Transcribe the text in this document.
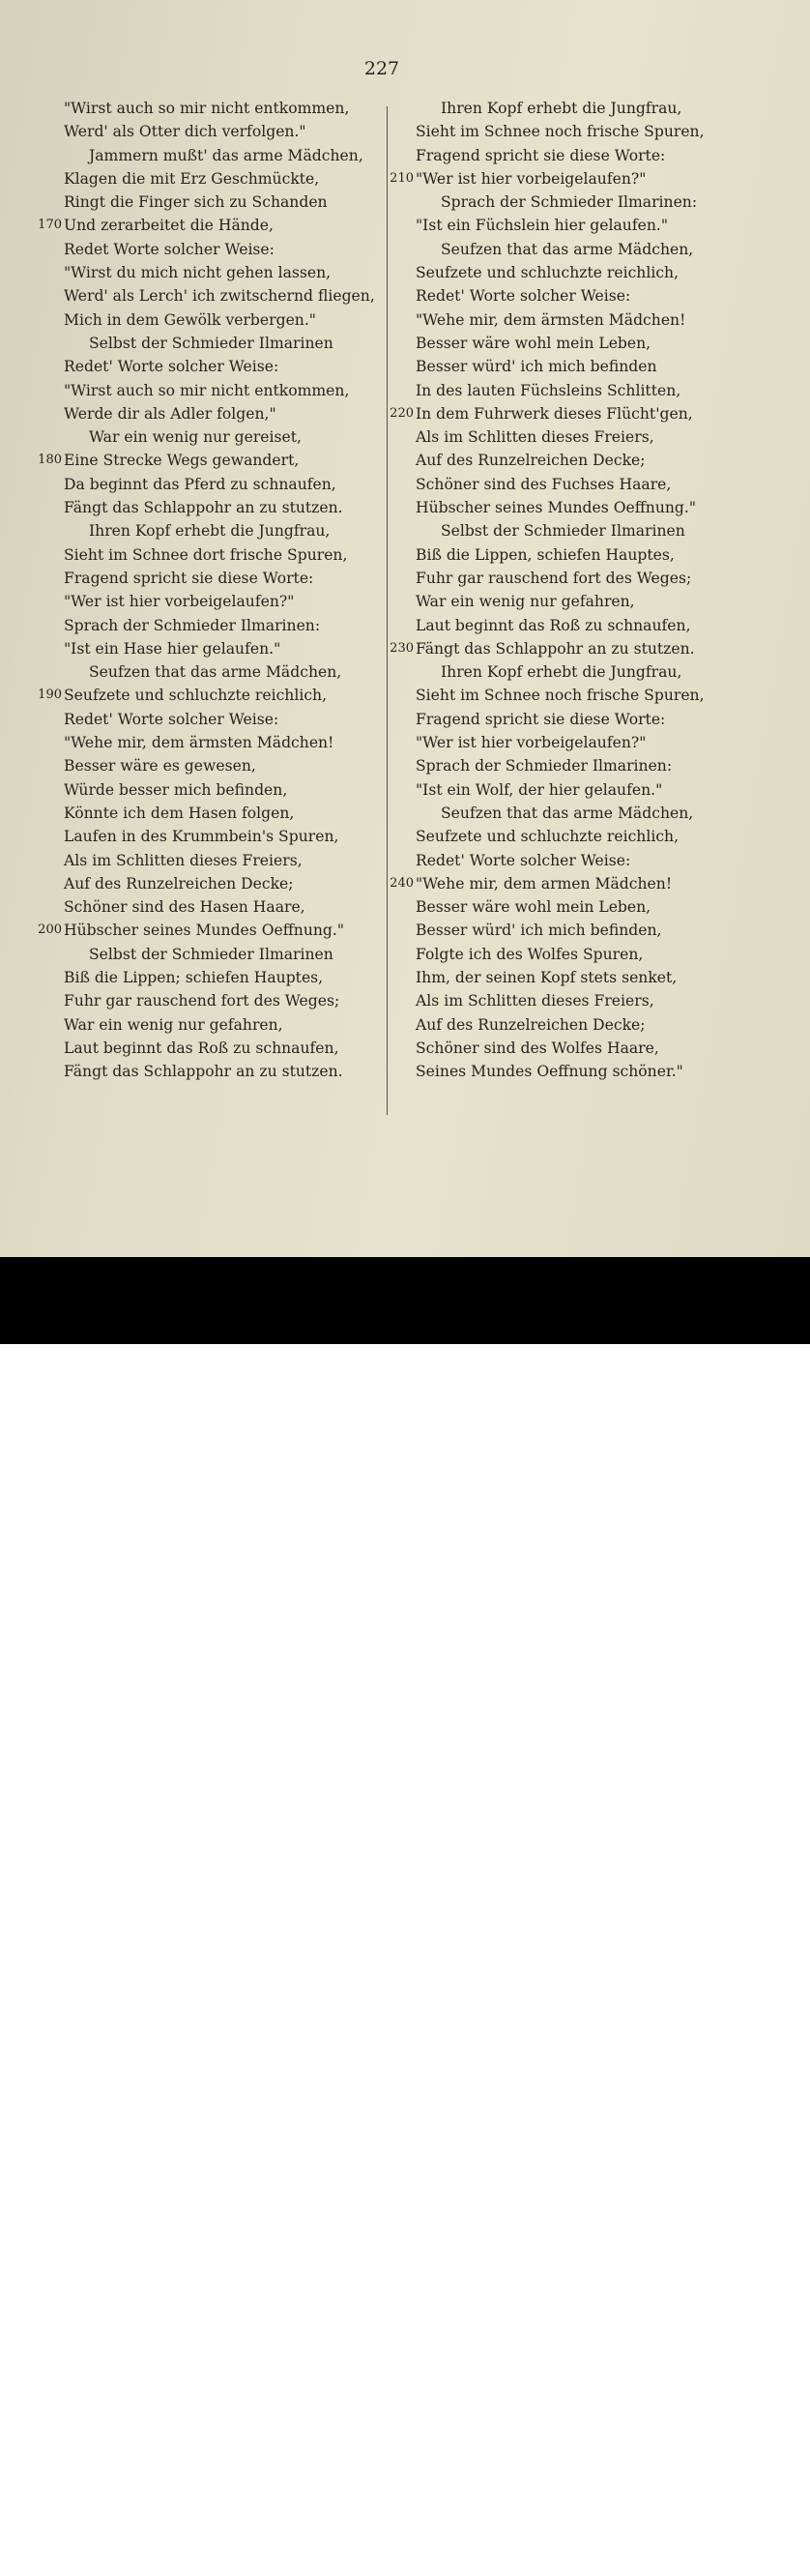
227
"Wirst auch so mir nicht entkommen,
Werd' als Otter dich verfolgen."
Jammern mußt' das arme Mädchen,
Klagen die mit Erz Geschmückte,
Ringt die Finger sich zu Schanden
170 Und zerarbeitet die Hände,
Redet Worte solcher Weise:
"Wirst du mich nicht gehen lassen,
Werd' als Lerch' ich zwitschernd fliegen,
Mich in dem Gewölk verbergen."
Selbst der Schmieder Ilmarinen
Redet' Worte solcher Weise:
"Wirst auch so mir nicht entkommen,
Werde dir als Adler folgen,"
War ein wenig nur gereiset,
180 Eine Strecke Wegs gewandert,
Da beginnt das Pferd zu schnaufen,
Fängt das Schlappohr an zu stutzen.
Ihren Kopf erhebt die Jungfrau,
Sieht im Schnee dort frische Spuren,
Fragend spricht sie diese Worte:
"Wer ist hier vorbeigelaufen?"
Sprach der Schmieder Ilmarinen:
"Ist ein Hase hier gelaufen."
Seufzen that das arme Mädchen,
190 Seufzete und schluchzte reichlich,
Redet' Worte solcher Weise:
"Wehe mir, dem ärmsten Mädchen!
Besser wäre es gewesen,
Würde besser mich befinden,
Könnte ich dem Hasen folgen,
Laufen in des Krummbein's Spuren,
Als im Schlitten dieses Freiers,
Auf des Runzelreichen Decke;
Schöner sind des Hasen Haare,
200 Hübscher seines Mundes Oeffnung."
Selbst der Schmieder Ilmarinen
Biß die Lippen; schiefen Hauptes,
Fuhr gar rauschend fort des Weges;
War ein wenig nur gefahren,
Laut beginnt das Roß zu schnaufen,
Fängt das Schlappohr an zu stutzen.
Ihren Kopf erhebt die Jungfrau,
Sieht im Schnee noch frische Spuren,
Fragend spricht sie diese Worte:
210 "Wer ist hier vorbeigelaufen?"
Sprach der Schmieder Ilmarinen:
"Ist ein Füchslein hier gelaufen."
Seufzen that das arme Mädchen,
Seufzete und schluchzte reichlich,
Redet' Worte solcher Weise:
"Wehe mir, dem ärmsten Mädchen!
Besser wäre wohl mein Leben,
Besser würd' ich mich befinden
In des lauten Füchsleins Schlitten,
220 In dem Fuhrwerk dieses Flücht'gen,
Als im Schlitten dieses Freiers,
Auf des Runzelreichen Decke;
Schöner sind des Fuchses Haare,
Hübscher seines Mundes Oeffnung."
Selbst der Schmieder Ilmarinen
Biß die Lippen, schiefen Hauptes,
Fuhr gar rauschend fort des Weges;
War ein wenig nur gefahren,
Laut beginnt das Roß zu schnaufen,
230 Fängt das Schlappohr an zu stutzen.
Ihren Kopf erhebt die Jungfrau,
Sieht im Schnee noch frische Spuren,
Fragend spricht sie diese Worte:
"Wer ist hier vorbeigelaufen?"
Sprach der Schmieder Ilmarinen:
"Ist ein Wolf, der hier gelaufen."
Seufzen that das arme Mädchen,
Seufzete und schluchzte reichlich,
Redet' Worte solcher Weise:
240 "Wehe mir, dem armen Mädchen!
Besser wäre wohl mein Leben,
Besser würd' ich mich befinden,
Folgte ich des Wolfes Spuren,
Ihm, der seinen Kopf stets senket,
Als im Schlitten dieses Freiers,
Auf des Runzelreichen Decke;
Schöner sind des Wolfes Haare,
Seines Mundes Oeffnung schöner."
alamy	Image ID: JHAY2H
www.alamy.com
